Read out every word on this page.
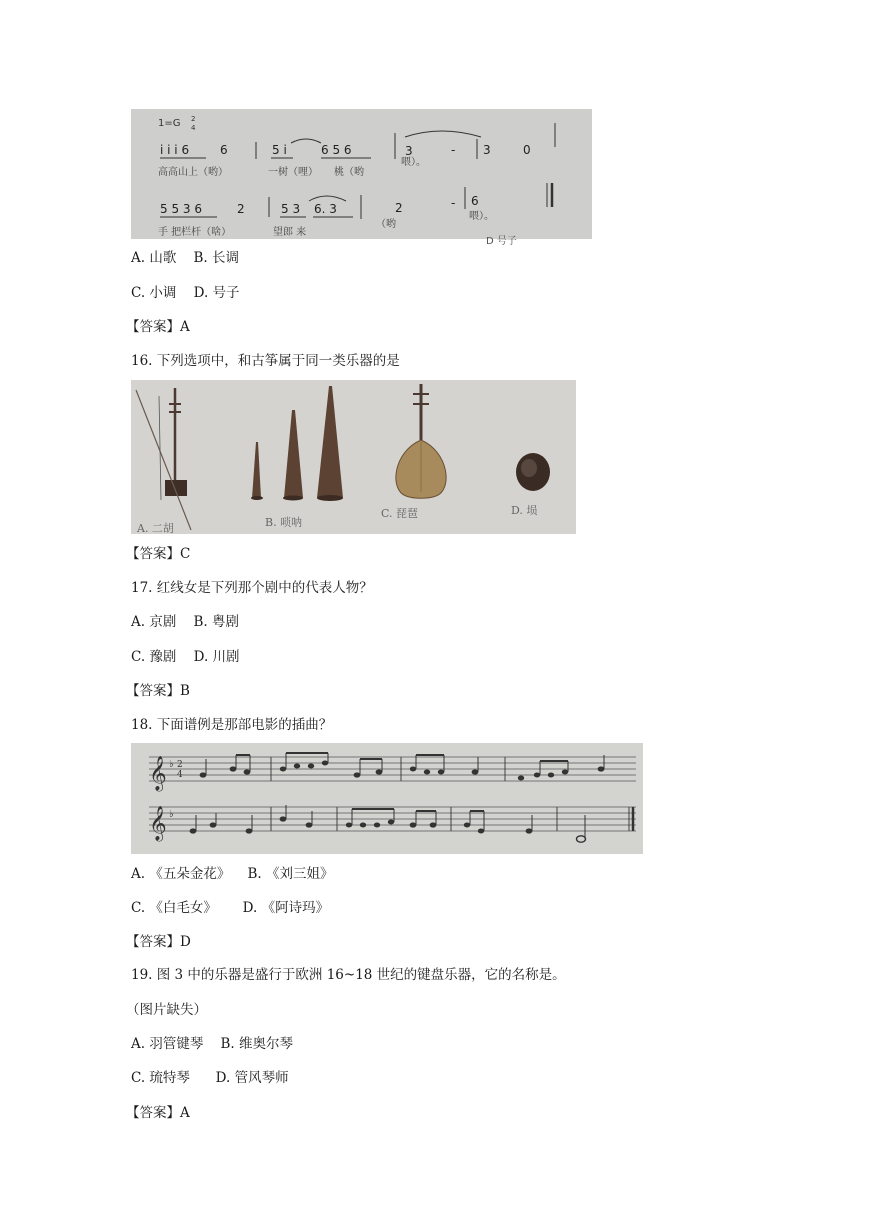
1=G 2
4
i i i 6	6	5 i	6 5 6	3	- 3	0
高高山上（哟）	一树（哩） 桃（哟
喂）。
5 5 3 6	2	5 3 6. 3	2	- 6
手 把栏杆（啥）	望郎 来
（哟
喂）。
D 号子
A. 山歌    B. 长调
C. 小调    D. 号子
【答案】A
16. 下列选项中，和古筝属于同一类乐器的是
A. 二胡	B. 唢呐
C. 琵琶	D. 埙
【答案】C
17. 红线女是下列那个剧中的代表人物？
A. 京剧    B. 粤剧
C. 豫剧    D. 川剧
【答案】B
18. 下面谱例是那部电影的插曲？
𝄞 ♭ 2
4
𝄞 ♭
A. 《五朵金花》    B. 《刘三姐》
C. 《白毛女》      D. 《阿诗玛》
【答案】D
19. 图 3 中的乐器是盛行于欧洲 16~18 世纪的键盘乐器，它的名称是。
（图片缺失）
A. 羽管键琴    B. 维奥尔琴
C. 琉特琴      D. 管风琴师
【答案】A
